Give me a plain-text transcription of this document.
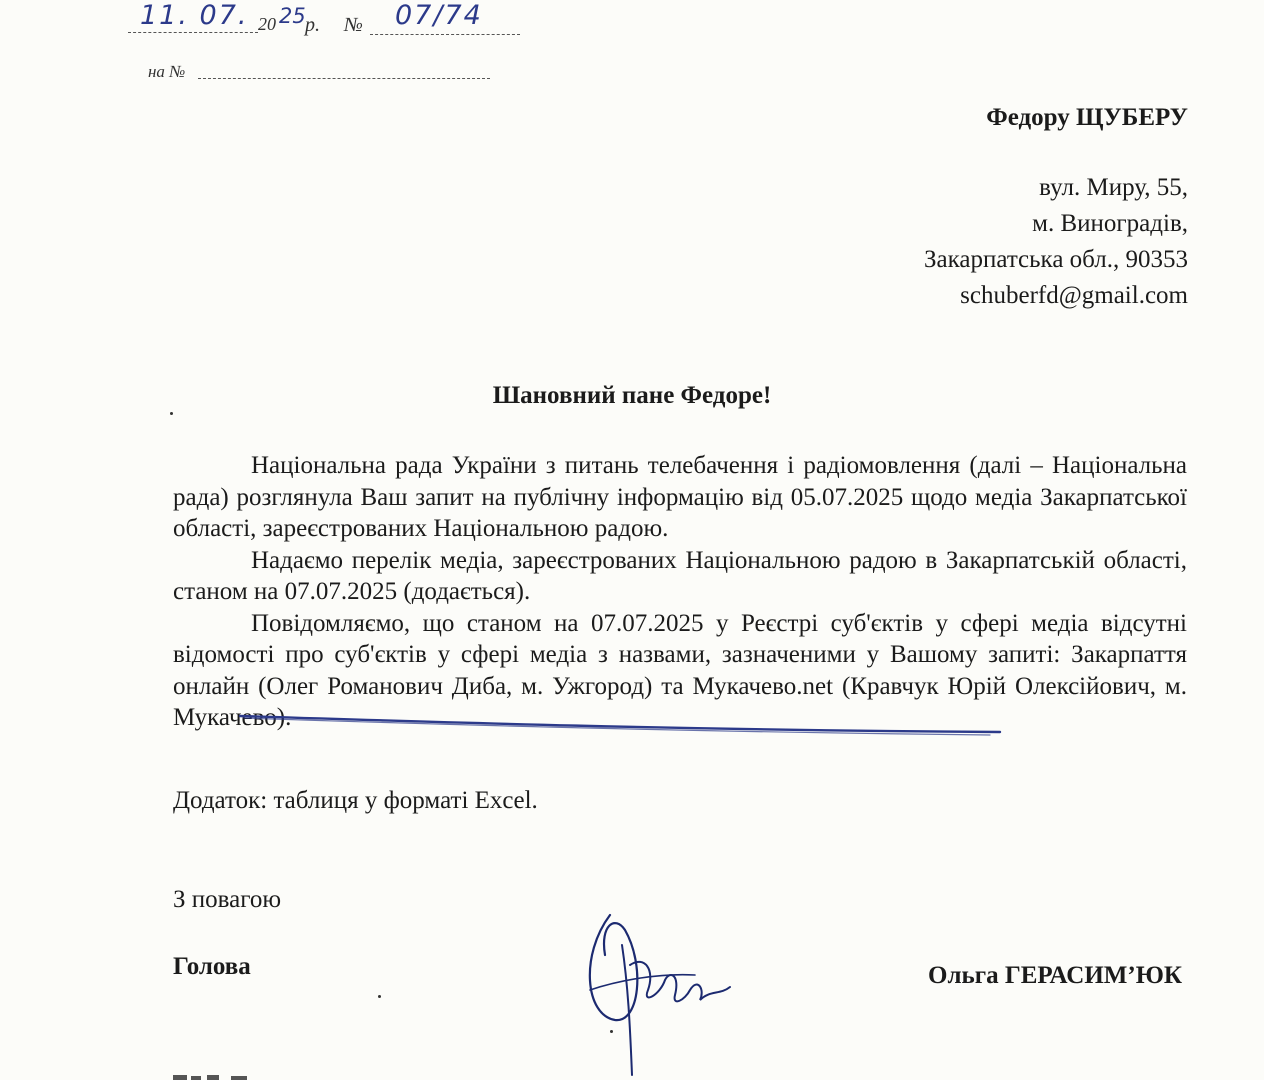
11. 07. 20 25 р. № 07/74
на №
Федору ЩУБЕРУ
вул. Миру, 55,
м. Виноградів,
Закарпатська обл., 90353
schuberfd@gmail.com
Шановний пане Федоре!

Національна рада України з питань телебачення і радіомовлення (далі – Національна рада) розглянула Ваш запит на публічну інформацію від 05.07.2025 щодо медіа Закарпатської області, зареєстрованих Національною радою.

Надаємо перелік медіа, зареєстрованих Національною радою в Закарпатській області, станом на 07.07.2025 (додається).

Повідомляємо, що станом на 07.07.2025 у Реєстрі суб'єктів у сфері медіа відсутні відомості про суб'єктів у сфері медіа з назвами, зазначеними у Вашому запиті: Закарпаття онлайн (Олег Романович Диба, м. Ужгород) та Мукачево.net (Кравчук Юрій Олексійович, м. Мукачево).

Додаток: таблиця у форматі Excel.
З повагою
Голова	Ольга ГЕРАСИМ’ЮК
